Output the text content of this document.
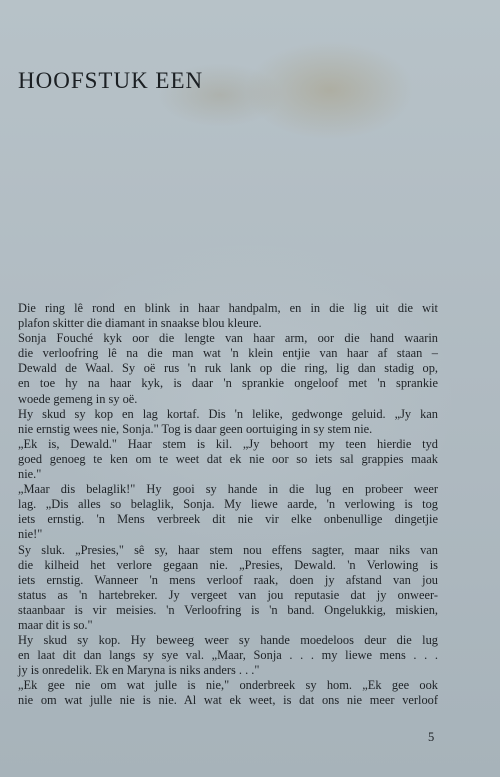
HOOFSTUK EEN
Die ring lê rond en blink in haar handpalm, en in die lig uit die wit
plafon skitter die diamant in snaakse blou kleure.
Sonja Fouché kyk oor die lengte van haar arm, oor die hand waarin
die verloofring lê na die man wat 'n klein entjie van haar af staan –
Dewald de Waal. Sy oë rus 'n ruk lank op die ring, lig dan stadig op,
en toe hy na haar kyk, is daar 'n sprankie ongeloof met 'n sprankie
woede gemeng in sy oë.
Hy skud sy kop en lag kortaf. Dis 'n lelike, gedwonge geluid. „Jy kan
nie ernstig wees nie, Sonja." Tog is daar geen oortuiging in sy stem nie.
„Ek is, Dewald." Haar stem is kil. „Jy behoort my teen hierdie tyd
goed genoeg te ken om te weet dat ek nie oor so iets sal grappies maak
nie."
„Maar dis belaglik!" Hy gooi sy hande in die lug en probeer weer
lag. „Dis alles so belaglik, Sonja. My liewe aarde, 'n verlowing is tog
iets ernstig. 'n Mens verbreek dit nie vir elke onbenullige dingetjie
nie!"
Sy sluk. „Presies," sê sy, haar stem nou effens sagter, maar niks van
die kilheid het verlore gegaan nie. „Presies, Dewald. 'n Verlowing is
iets ernstig. Wanneer 'n mens verloof raak, doen jy afstand van jou
status as 'n hartebreker. Jy vergeet van jou reputasie dat jy onweer-
staanbaar is vir meisies. 'n Verloofring is 'n band. Ongelukkig, miskien,
maar dit is so."
Hy skud sy kop. Hy beweeg weer sy hande moedeloos deur die lug
en laat dit dan langs sy sye val. „Maar, Sonja . . . my liewe mens . . .
jy is onredelik. Ek en Maryna is niks anders . . ."
„Ek gee nie om wat julle is nie," onderbreek sy hom. „Ek gee ook
nie om wat julle nie is nie. Al wat ek weet, is dat ons nie meer verloof
5
